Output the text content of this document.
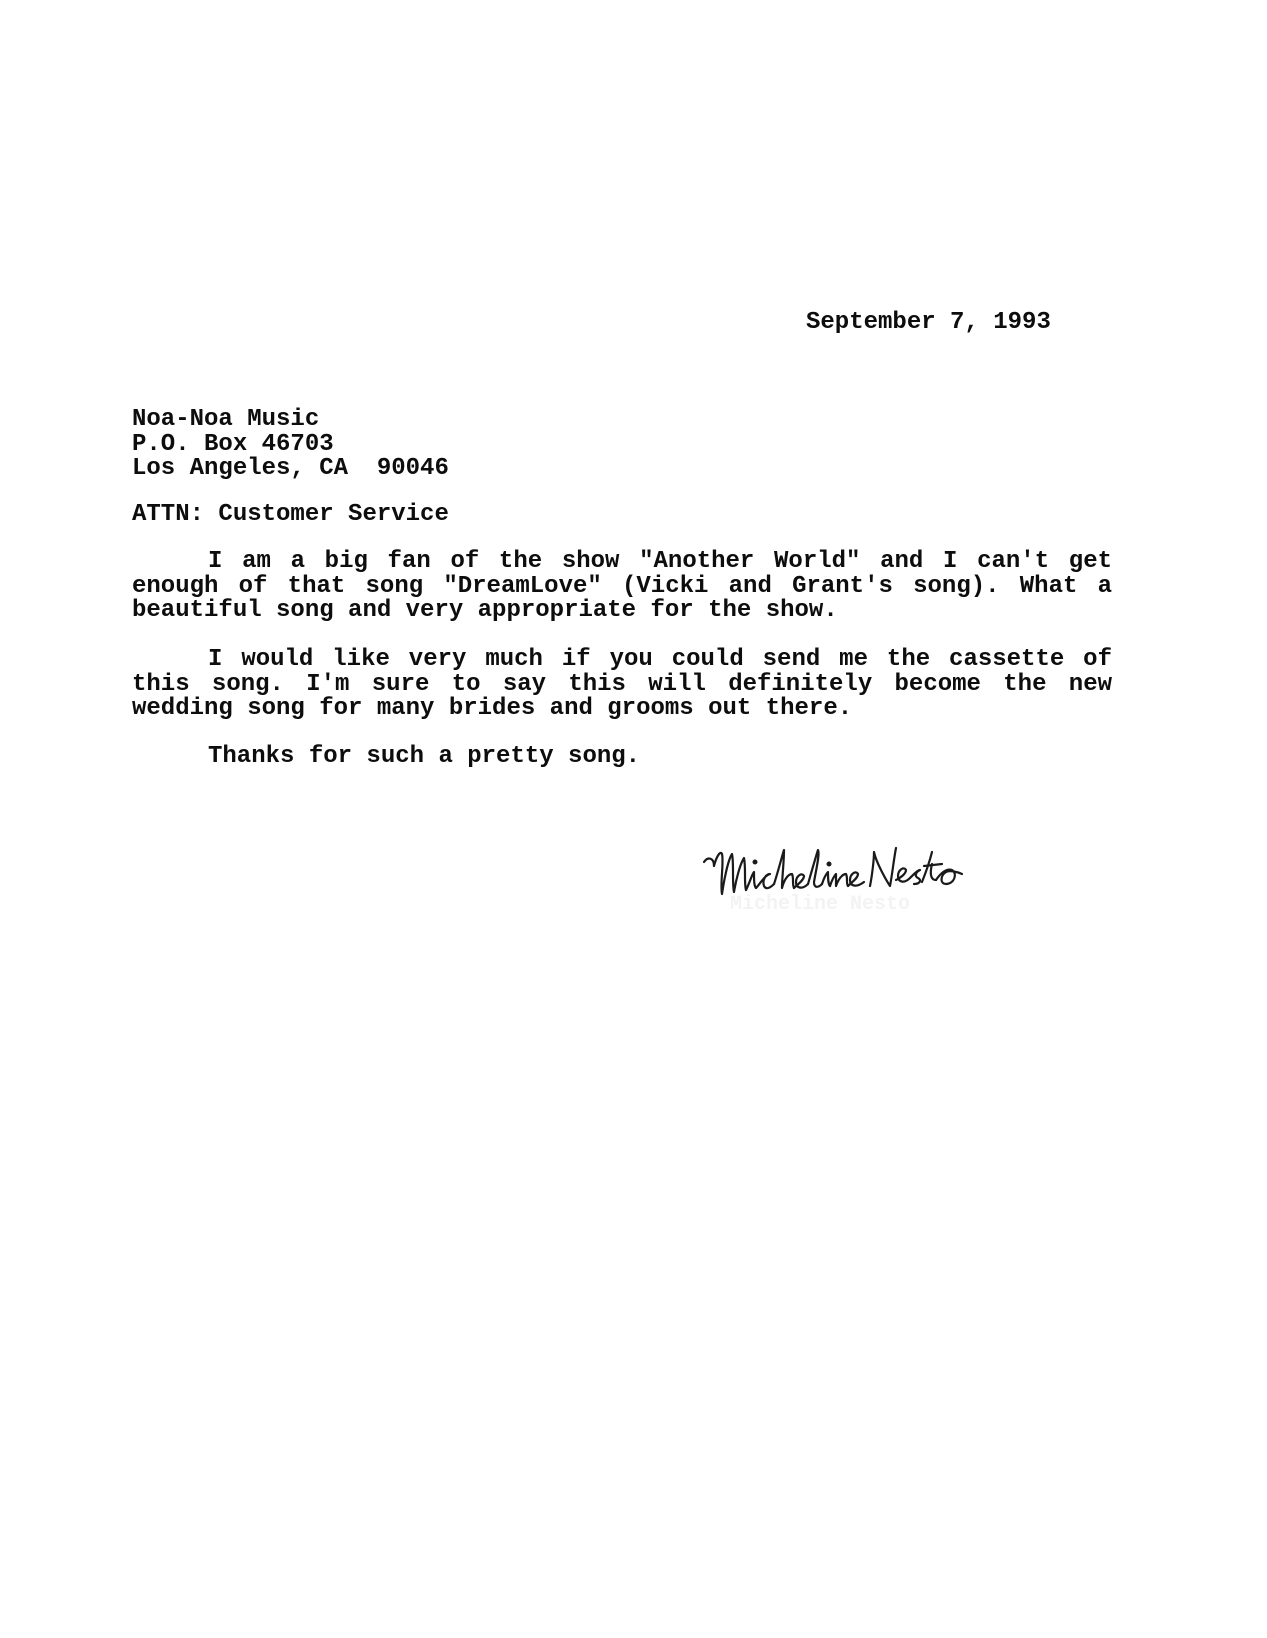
September 7, 1993
Noa-Noa Music
P.O. Box 46703
Los Angeles, CA  90046
ATTN: Customer Service
I am a big fan of the show "Another World" and I can't get
enough of that song "DreamLove" (Vicki and Grant's song). What a
beautiful song and very appropriate for the show.
I would like very much if you could send me the cassette of
this song. I'm sure to say this will definitely become the new
wedding song for many brides and grooms out there.
Thanks for such a pretty song.
Micheline Nesto
